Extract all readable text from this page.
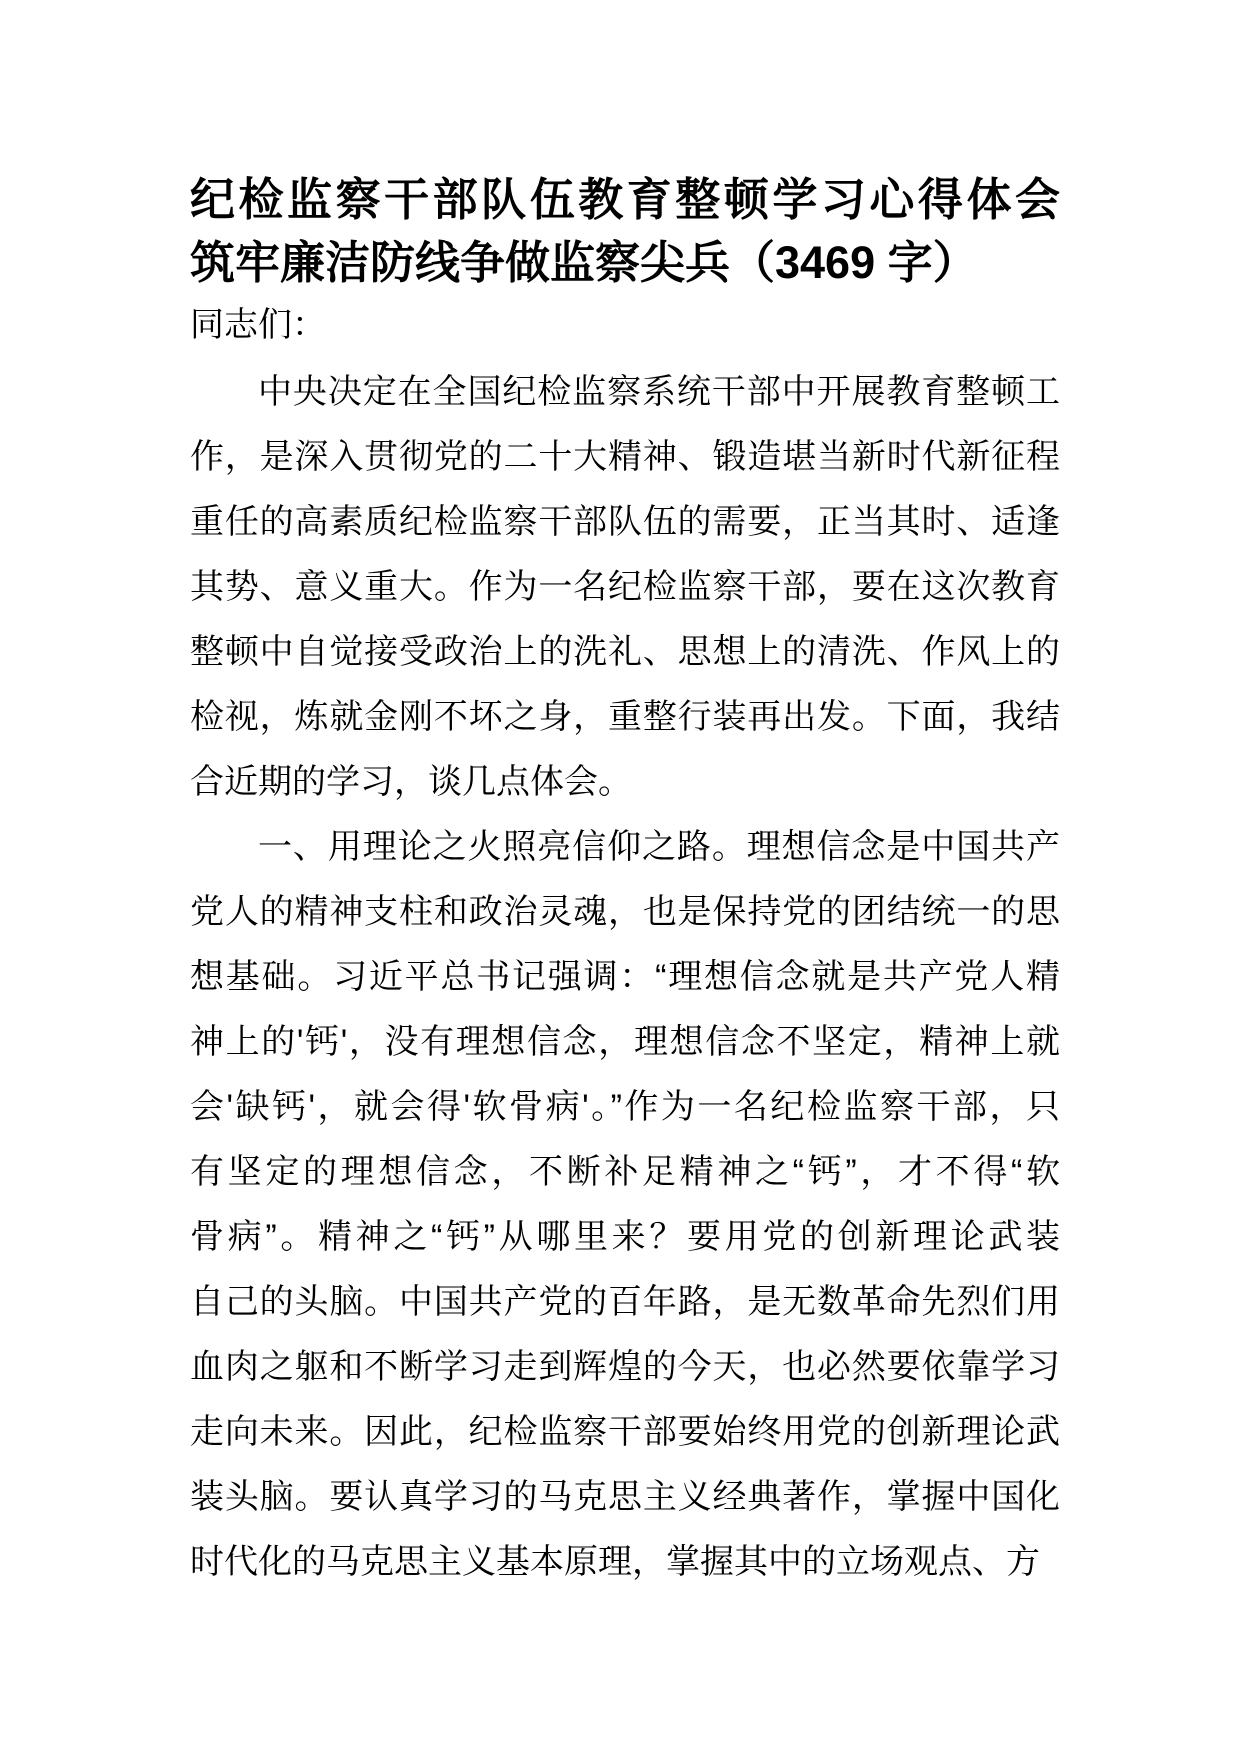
纪检监察干部队伍教育整顿学习心得体会
筑牢廉洁防线争做监察尖兵（3469 字）
同志们：
中央决定在全国纪检监察系统干部中开展教育整顿工
作，是深入贯彻党的二十大精神、锻造堪当新时代新征程
重任的高素质纪检监察干部队伍的需要，正当其时、适逢
其势、意义重大。作为一名纪检监察干部，要在这次教育
整顿中自觉接受政治上的洗礼、思想上的清洗、作风上的
检视，炼就金刚不坏之身，重整行装再出发。下面，我结
合近期的学习，谈几点体会。
一、用理论之火照亮信仰之路。理想信念是中国共产
党人的精神支柱和政治灵魂，也是保持党的团结统一的思
想基础。习近平总书记强调：“理想信念就是共产党人精
神上的'钙'，没有理想信念，理想信念不坚定，精神上就
会'缺钙'，就会得'软骨病'。”作为一名纪检监察干部，只
有坚定的理想信念，不断补足精神之“钙”，才不得“软
骨病”。精神之“钙”从哪里来？要用党的创新理论武装
自己的头脑。中国共产党的百年路，是无数革命先烈们用
血肉之躯和不断学习走到辉煌的今天，也必然要依靠学习
走向未来。因此，纪检监察干部要始终用党的创新理论武
装头脑。要认真学习的马克思主义经典著作，掌握中国化
时代化的马克思主义基本原理，掌握其中的立场观点、方
